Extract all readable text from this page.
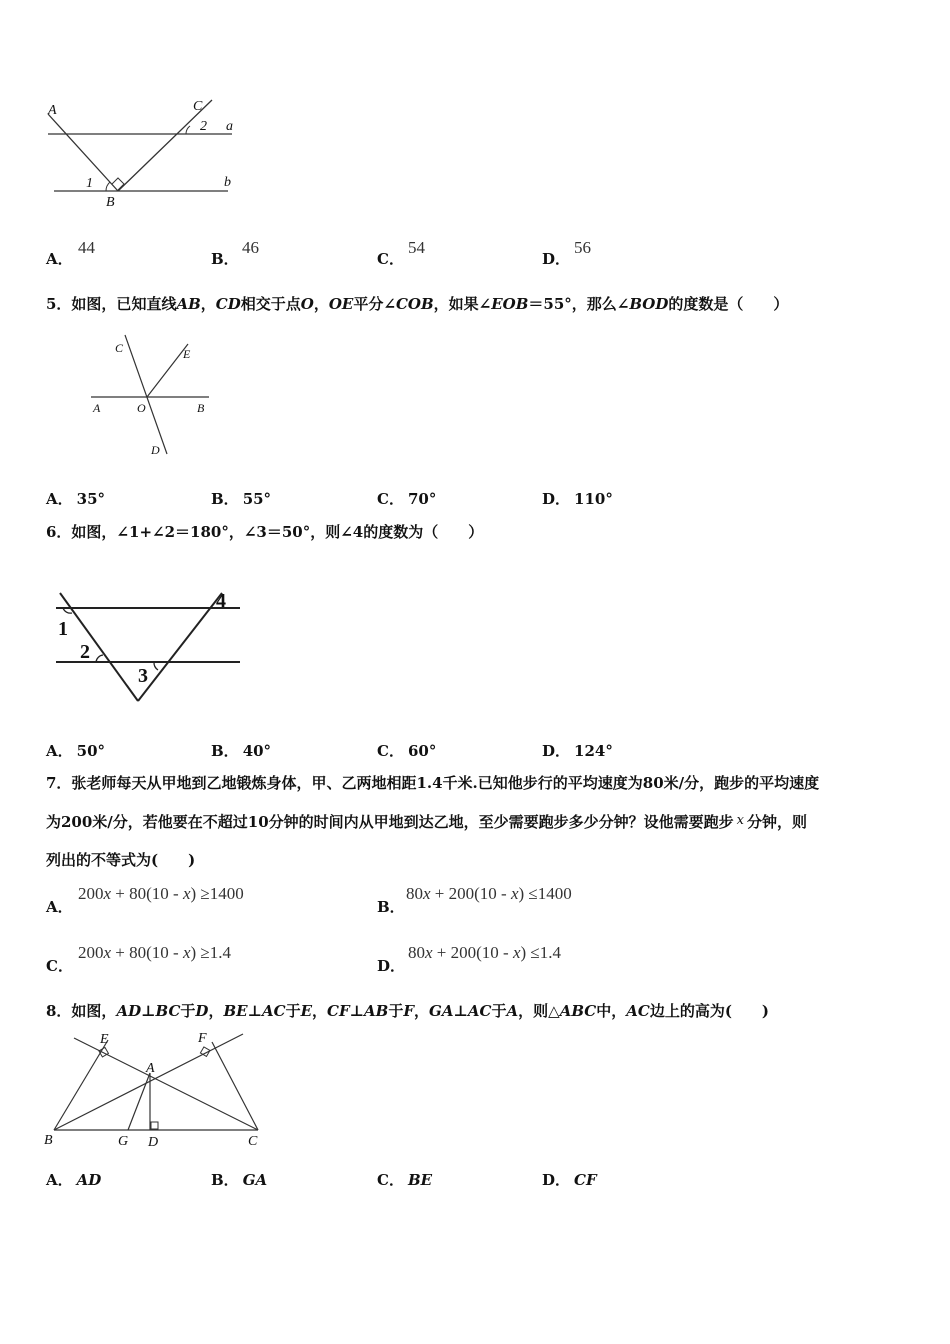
A	C
2 a
1	b
B
A．
44
B．
46
C．
54
D．
56
5．如图，已知直线AB，CD相交于点O，OE平分∠COB，如果∠EOB＝55°，那么∠BOD的度数是（　　）
C	E
A	O	B
D
A． 35°	B． 55°	C． 70°	D． 110°
6．如图，∠1+∠2＝180°，∠3＝50°，则∠4的度数为（　　）
1
2
3
4
A． 50°	B． 40°	C． 60°	D． 124°
7．张老师每天从甲地到乙地锻炼身体，甲、乙两地相距1.4千米.已知他步行的平均速度为80米/分，跑步的平均速度
为200米/分，若他要在不超过10分钟的时间内从甲地到达乙地，至少需要跑步多少分钟？设他需要跑步 x 分钟，则
列出的不等式为(　　)
A．
200x + 80(10 - x) ≥1400
B．
80x + 200(10 - x) ≤1400
C．
200x + 80(10 - x) ≥1.4
D．
80x + 200(10 - x) ≤1.4
8．如图，AD⊥BC于D，BE⊥AC于E，CF⊥AB于F，GA⊥AC于A，则△ABC中，AC边上的高为(　　)
E	F
A
B	G D	C
A． AD	B． GA	C． BE	D． CF
